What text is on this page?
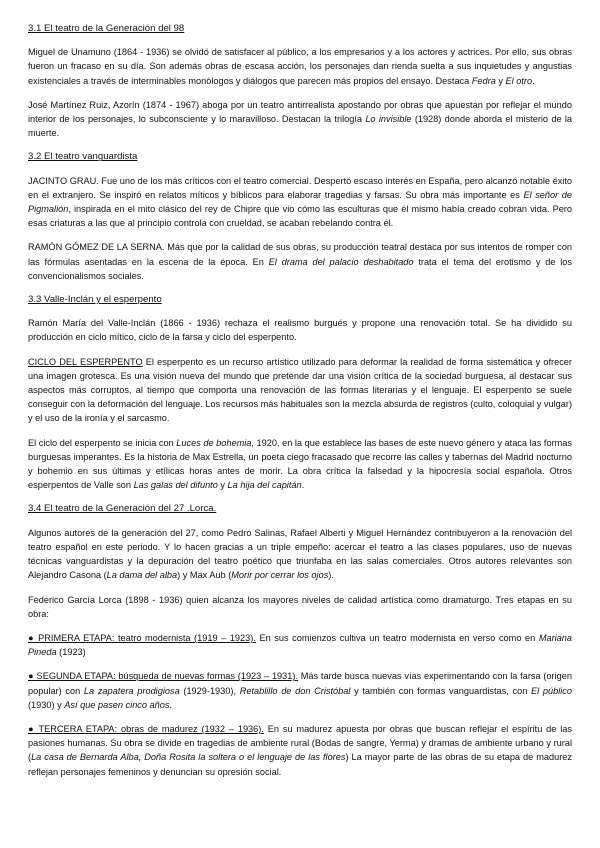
3.1 El teatro de la Generación del 98

Miguel de Unamuno (1864 - 1936) se olvidó de satisfacer al público, a los empresarios y a los actores y actrices. Por ello, sus obras fueron un fracaso en su día. Son además obras de escasa acción, los personajes dan rienda suelta a sus inquietudes y angustias existenciales a través de interminables monólogos y diálogos que parecen más propios del ensayo. Destaca Fedra y El otro.

José Martínez Ruiz, Azorín (1874 - 1967) aboga por un teatro antirrealista apostando por obras que apuestan por reflejar el mundo interior de los personajes, lo subconsciente y lo maravilloso. Destacan la trilogía Lo invisible (1928) donde aborda el misterio de la muerte.

3.2 El teatro vanguardista

JACINTO GRAU. Fue uno de los más críticos con el teatro comercial. Despertó escaso interés en España, pero alcanzó notable éxito en el extranjero. Se inspiró en relatos míticos y bíblicos para elaborar tragedias y farsas. Su obra más importante es El señor de Pigmalión, inspirada en el mito clásico del rey de Chipre que vio cómo las esculturas que él mismo había creado cobran vida. Pero esas criaturas a las que al principio controla con crueldad, se acaban rebelando contra él.

RAMÓN GÓMEZ DE LA SERNA. Más que por la calidad de sus obras, su producción teatral destaca por sus intentos de romper con las fórmulas asentadas en la escena de la época. En El drama del palacio deshabitado trata el tema del erotismo y de los convencionalismos sociales.

3.3 Valle-Inclán y el esperpento

Ramón María del Valle-Inclán (1866 - 1936) rechaza el realismo burgués y propone una renovación total. Se ha dividido su producción en ciclo mítico, ciclo de la farsa y ciclo del esperpento.

CICLO DEL ESPERPENTO El esperpento es un recurso artístico utilizado para deformar la realidad de forma sistemática y ofrecer una imagen grotesca. Es una visión nueva del mundo que pretende dar una visión crítica de la sociedad burguesa, al destacar sus aspectos más corruptos, al tiempo que comporta una renovación de las formas literarias y el lenguaje. El esperpento se suele conseguir con la deformación del lenguaje. Los recursos más habituales son la mezcla absurda de registros (culto, coloquial y vulgar) y el uso de la ironía y el sarcasmo.

El ciclo del esperpento se inicia con Luces de bohemia, 1920, en la que establece las bases de este nuevo género y ataca las formas burguesas imperantes. Es la historia de Max Estrella, un poeta ciego fracasado que recorre las calles y tabernas del Madrid nocturno y bohemio en sus últimas y etílicas horas antes de morir. La obra crítica la falsedad y la hipocresía social española. Otros esperpentos de Valle son Las galas del difunto y La hija del capitán.

3.4 El teatro de la Generación del 27 .Lorca.

Algunos autores de la generación del 27, como Pedro Salinas, Rafael Alberti y Miguel Hernández contribuyeron a la renovación del teatro español en este periodo. Y lo hacen gracias a un triple empeño: acercar el teatro a las clases populares, uso de nuevas técnicas vanguardistas y la depuración del teatro poético que triunfaba en las salas comerciales. Otros autores relevantes son Alejandro Casona (La dama del alba) y Max Aub (Morir por cerrar los ojos).

Federico García Lorca (1898 - 1936) quien alcanza los mayores niveles de calidad artística como dramaturgo. Tres etapas en su obra:

● PRIMERA ETAPA: teatro modernista (1919 – 1923). En sus comienzos cultiva un teatro modernista en verso como en Mariana Pineda (1923)

● SEGUNDA ETAPA: búsqueda de nuevas formas (1923 – 1931). Más tarde busca nuevas vías experimentando con la farsa (origen popular) con La zapatera prodigiosa (1929-1930), Retablillo de don Cristóbal y también con formas vanguardistas, con El público (1930) y Así que pasen cinco años.

● TERCERA ETAPA: obras de madurez (1932 – 1936). En su madurez apuesta por obras que buscan reflejar el espíritu de las pasiones humanas. Su obra se divide en tragedias de ambiente rural (Bodas de sangre, Yerma) y dramas de ambiente urbano y rural (La casa de Bernarda Alba, Doña Rosita la soltera o el lenguaje de las flores) La mayor parte de las obras de su etapa de madurez reflejan personajes femeninos y denuncian su opresión social.
